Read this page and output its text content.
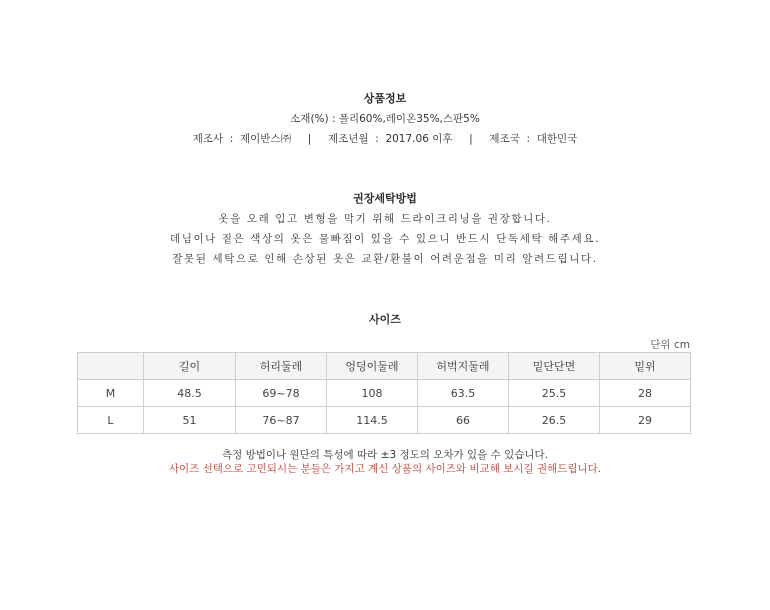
상품정보
소재(%) : 폴리60%,레이온35%,스판5%
제조사  :  제이반스㈜     |     제조년월  :  2017.06 이후     |     제조국  :  대한민국
권장세탁방법
옷을 오래 입고 변형을 막기 위해 드라이크리닝을 권장합니다.
데님이나 짙은 색상의 옷은 물빠짐이 있을 수 있으니 반드시 단독세탁 해주세요.
잘못된 세탁으로 인해 손상된 옷은 교환/환불이 어려운점을 미리 알려드립니다.
사이즈
단위 cm
	길이	허리둘레	엉덩이둘레	허벅지둘레	밑단단면	밑위
M	48.5	69~78	108	63.5	25.5	28
L	51	76~87	114.5	66	26.5	29
측정 방법이나 원단의 특성에 따라 ±3 정도의 오차가 있을 수 있습니다.
사이즈 선택으로 고민되시는 분들은 가지고 계신 상품의 사이즈와 비교해 보시길 권해드립니다.
